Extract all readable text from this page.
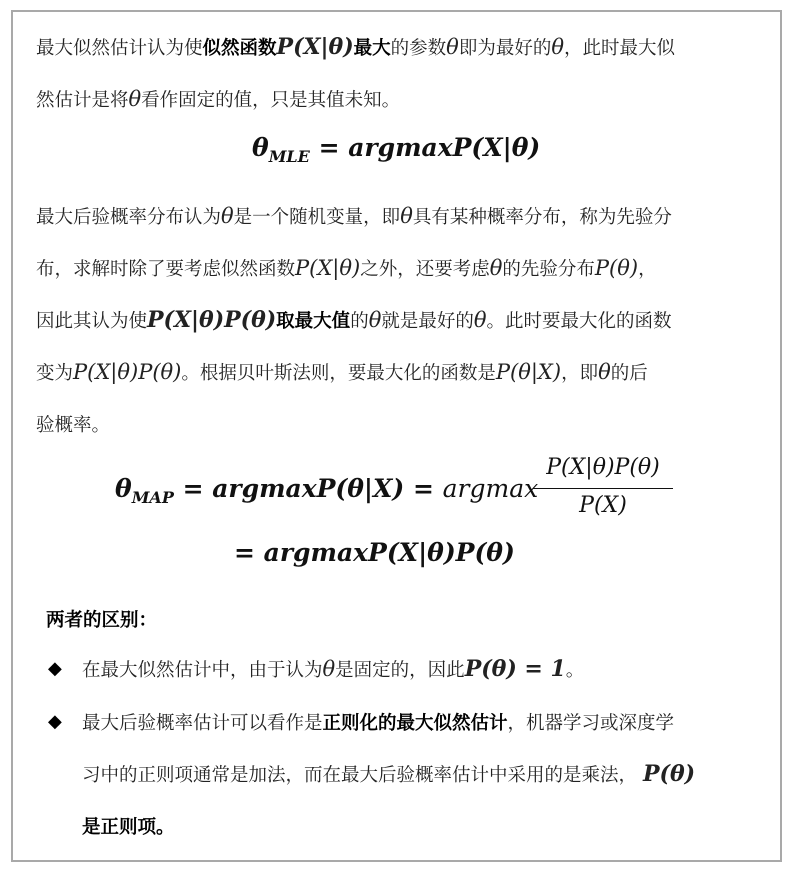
最大似然估计认为使似然函数P(X|θ)最大的参数θ即为最好的θ，此时最大似
然估计是将θ看作固定的值，只是其值未知。
$\theta_{MLE} = argmaxP(X|\theta)$
最大后验概率分布认为θ是一个随机变量，即θ具有某种概率分布，称为先验分
布，求解时除了要考虑似然函数P(X|θ)之外，还要考虑θ的先验分布P(θ)，
因此其认为使P(X|θ)P(θ)取最大值的θ就是最好的θ。此时要最大化的函数
变为P(X|θ)P(θ)。根据贝叶斯法则，要最大化的函数是P(θ|X)，即θ的后
验概率。
$\theta_{MAP} = argmaxP(\theta|X) = argmax$
P(X|θ)P(θ)
P(X)
= argmaxP(X|θ)P(θ)
两者的区别：
◆ 在最大似然估计中，由于认为θ是固定的，因此P(θ) = 1。
◆ 最大后验概率估计可以看作是正则化的最大似然估计，机器学习或深度学
习中的正则项通常是加法，而在最大后验概率估计中采用的是乘法， P(θ)
是正则项。
